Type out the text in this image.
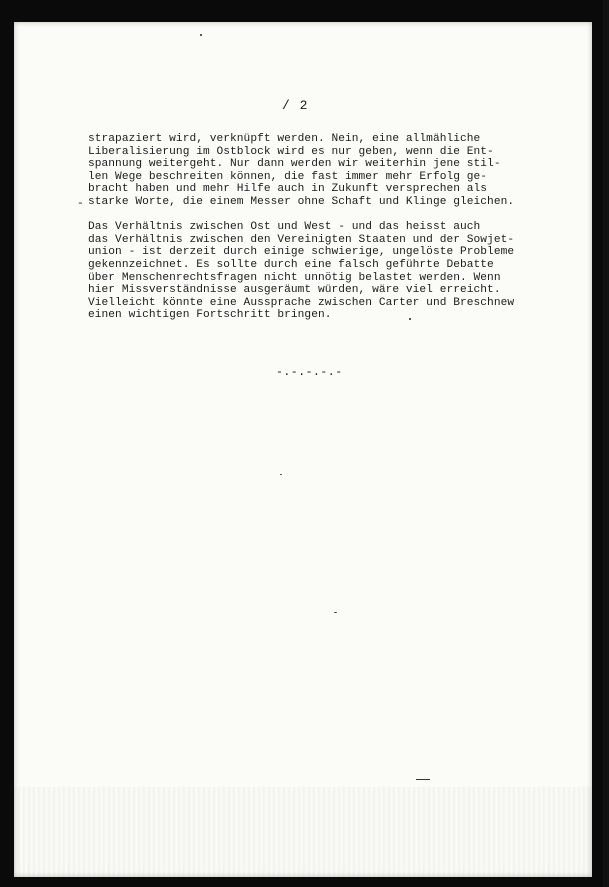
/ 2
-

strapaziert wird, verknüpft werden. Nein, eine allmähliche
Liberalisierung im Ostblock wird es nur geben, wenn die Ent-
spannung weitergeht. Nur dann werden wir weiterhin jene stil-
len Wege beschreiten können, die fast immer mehr Erfolg ge-
bracht haben und mehr Hilfe auch in Zukunft versprechen als
starke Worte, die einem Messer ohne Schaft und Klinge gleichen.

Das Verhältnis zwischen Ost und West - und das heisst auch
das Verhältnis zwischen den Vereinigten Staaten und der Sowjet-
union - ist derzeit durch einige schwierige, ungelöste Probleme
gekennzeichnet. Es sollte durch eine falsch geführte Debatte
über Menschenrechtsfragen nicht unnötig belastet werden. Wenn
hier Missverständnisse ausgeräumt würden, wäre viel erreicht.
Vielleicht könnte eine Aussprache zwischen Carter und Breschnew
einen wichtigen Fortschritt bringen.

-.-.-.-.-
